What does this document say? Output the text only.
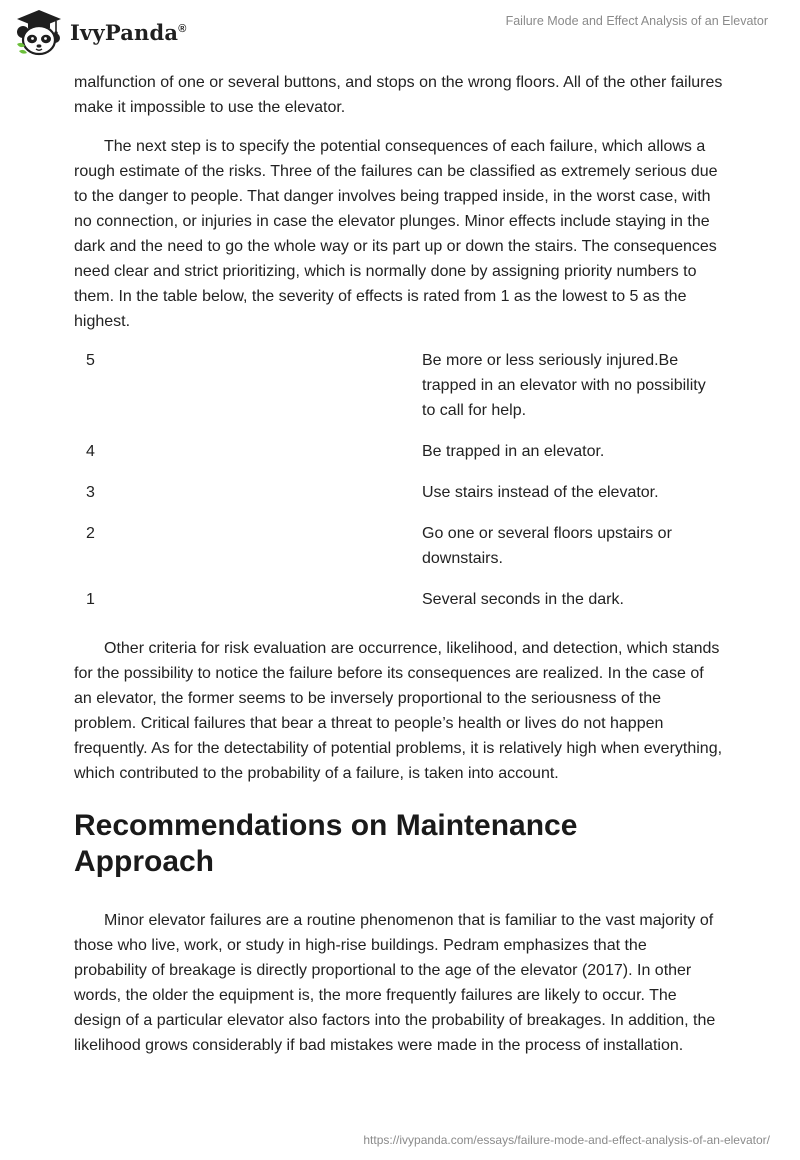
IvyPanda®
Failure Mode and Effect Analysis of an Elevator

malfunction of one or several buttons, and stops on the wrong floors. All of the other failures make it impossible to use the elevator.

The next step is to specify the potential consequences of each failure, which allows a rough estimate of the risks. Three of the failures can be classified as extremely serious due to the danger to people. That danger involves being trapped inside, in the worst case, with no connection, or injuries in case the elevator plunges. Minor effects include staying in the dark and the need to go the whole way or its part up or down the stairs. The consequences need clear and strict prioritizing, which is normally done by assigning priority numbers to them. In the table below, the severity of effects is rated from 1 as the lowest to 5 as the highest.

5	Be more or less seriously injured.Be trapped in an elevator with no possibility to call for help.
4	Be trapped in an elevator.
3	Use stairs instead of the elevator.
2	Go one or several floors upstairs or downstairs.
1	Several seconds in the dark.

Other criteria for risk evaluation are occurrence, likelihood, and detection, which stands for the possibility to notice the failure before its consequences are realized. In the case of an elevator, the former seems to be inversely proportional to the seriousness of the problem. Critical failures that bear a threat to people’s health or lives do not happen frequently. As for the detectability of potential problems, it is relatively high when everything, which contributed to the probability of a failure, is taken into account.

Recommendations on Maintenance Approach

Minor elevator failures are a routine phenomenon that is familiar to the vast majority of those who live, work, or study in high-rise buildings. Pedram emphasizes that the probability of breakage is directly proportional to the age of the elevator (2017). In other words, the older the equipment is, the more frequently failures are likely to occur. The design of a particular elevator also factors into the probability of breakages. In addition, the likelihood grows considerably if bad mistakes were made in the process of installation.

https://ivypanda.com/essays/failure-mode-and-effect-analysis-of-an-elevator/
